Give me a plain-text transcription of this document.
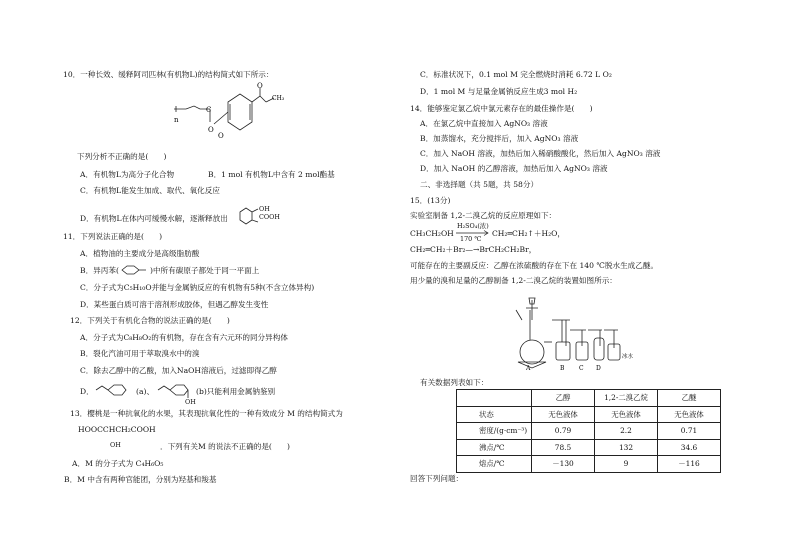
10．一种长效、缓释阿司匹林(有机物L)的结构简式如下所示：
n
O
O
O
C
CH₃
下列分析不正确的是(　　)
A．有机物L为高分子化合物	B．1 mol 有机物L中含有 2 mol酯基
C．有机物L能发生加成、取代、氧化反应
D．有机物L在体内可缓慢水解，逐渐释放出
OH
COOH
11．下列说法正确的是(　　)
A．植物油的主要成分是高级脂肪酸
B．异丙苯(	)中所有碳原子都处于同一平面上
C．分子式为C₅H₁₀O并能与金属钠反应的有机物有5种(不含立体异构)
D．某些蛋白质可溶于溶剂形成胶体，但遇乙醇发生变性
12．下列关于有机化合物的说法正确的是(　　)
A．分子式为C₈H₈O₂的有机物，存在含有六元环的同分异构体
B．裂化汽油可用于萃取溴水中的溴
C．除去乙醇中的乙酸，加入NaOH溶液后，过滤即得乙醇
D．	(a)、	(b)只能利用金属钠鉴别
OH
13．樱桃是一种抗氧化的水果，其表现抗氧化性的一种有效成分 M 的结构简式为
HOOCCHCH₂COOH
OH	．下列有关M 的说法不正确的是(　　)
A．M 的分子式为 C₄H₆O₅
B．M 中含有两种官能团，分别为羟基和羧基
C．标准状况下，0.1 mol M 完全燃烧时消耗 6.72 L O₂
D．1 mol M 与足量金属钠反应生成3 mol H₂
14．能够鉴定氯乙烷中氯元素存在的最佳操作是(　　)
A．在氯乙烷中直接加入 AgNO₃ 溶液
B．加蒸馏水，充分搅拌后，加入 AgNO₃ 溶液
C．加入 NaOH 溶液，加热后加入稀硝酸酸化，然后加入 AgNO₃ 溶液
D．加入 NaOH 的乙醇溶液，加热后加入 AgNO₃ 溶液
二、非选择题（共 5题，共 58分）
15．(13分)
实验室制备 1,2-二溴乙烷的反应原理如下：
CH₃CH₂OH
H₂SO₄(浓)
170 ℃
CH₂═CH₂↑＋H₂O，
CH₂═CH₂＋Br₂—→BrCH₂CH₂Br，
可能存在的主要副反应：乙醇在浓硫酸的存在下在 140 ℃脱水生成乙醚。
用少量的溴和足量的乙醇制备 1,2-二溴乙烷的装置如图所示：
A	B C D
冰水
有关数据列表如下：
	乙醇	1,2-二溴乙烷	乙醚
状态	无色液体	无色液体	无色液体
密度/(g·cm⁻³)	0.79	2.2	0.71
沸点/℃	78.5	132	34.6
熔点/℃	－130	9	－116
回答下列问题：
